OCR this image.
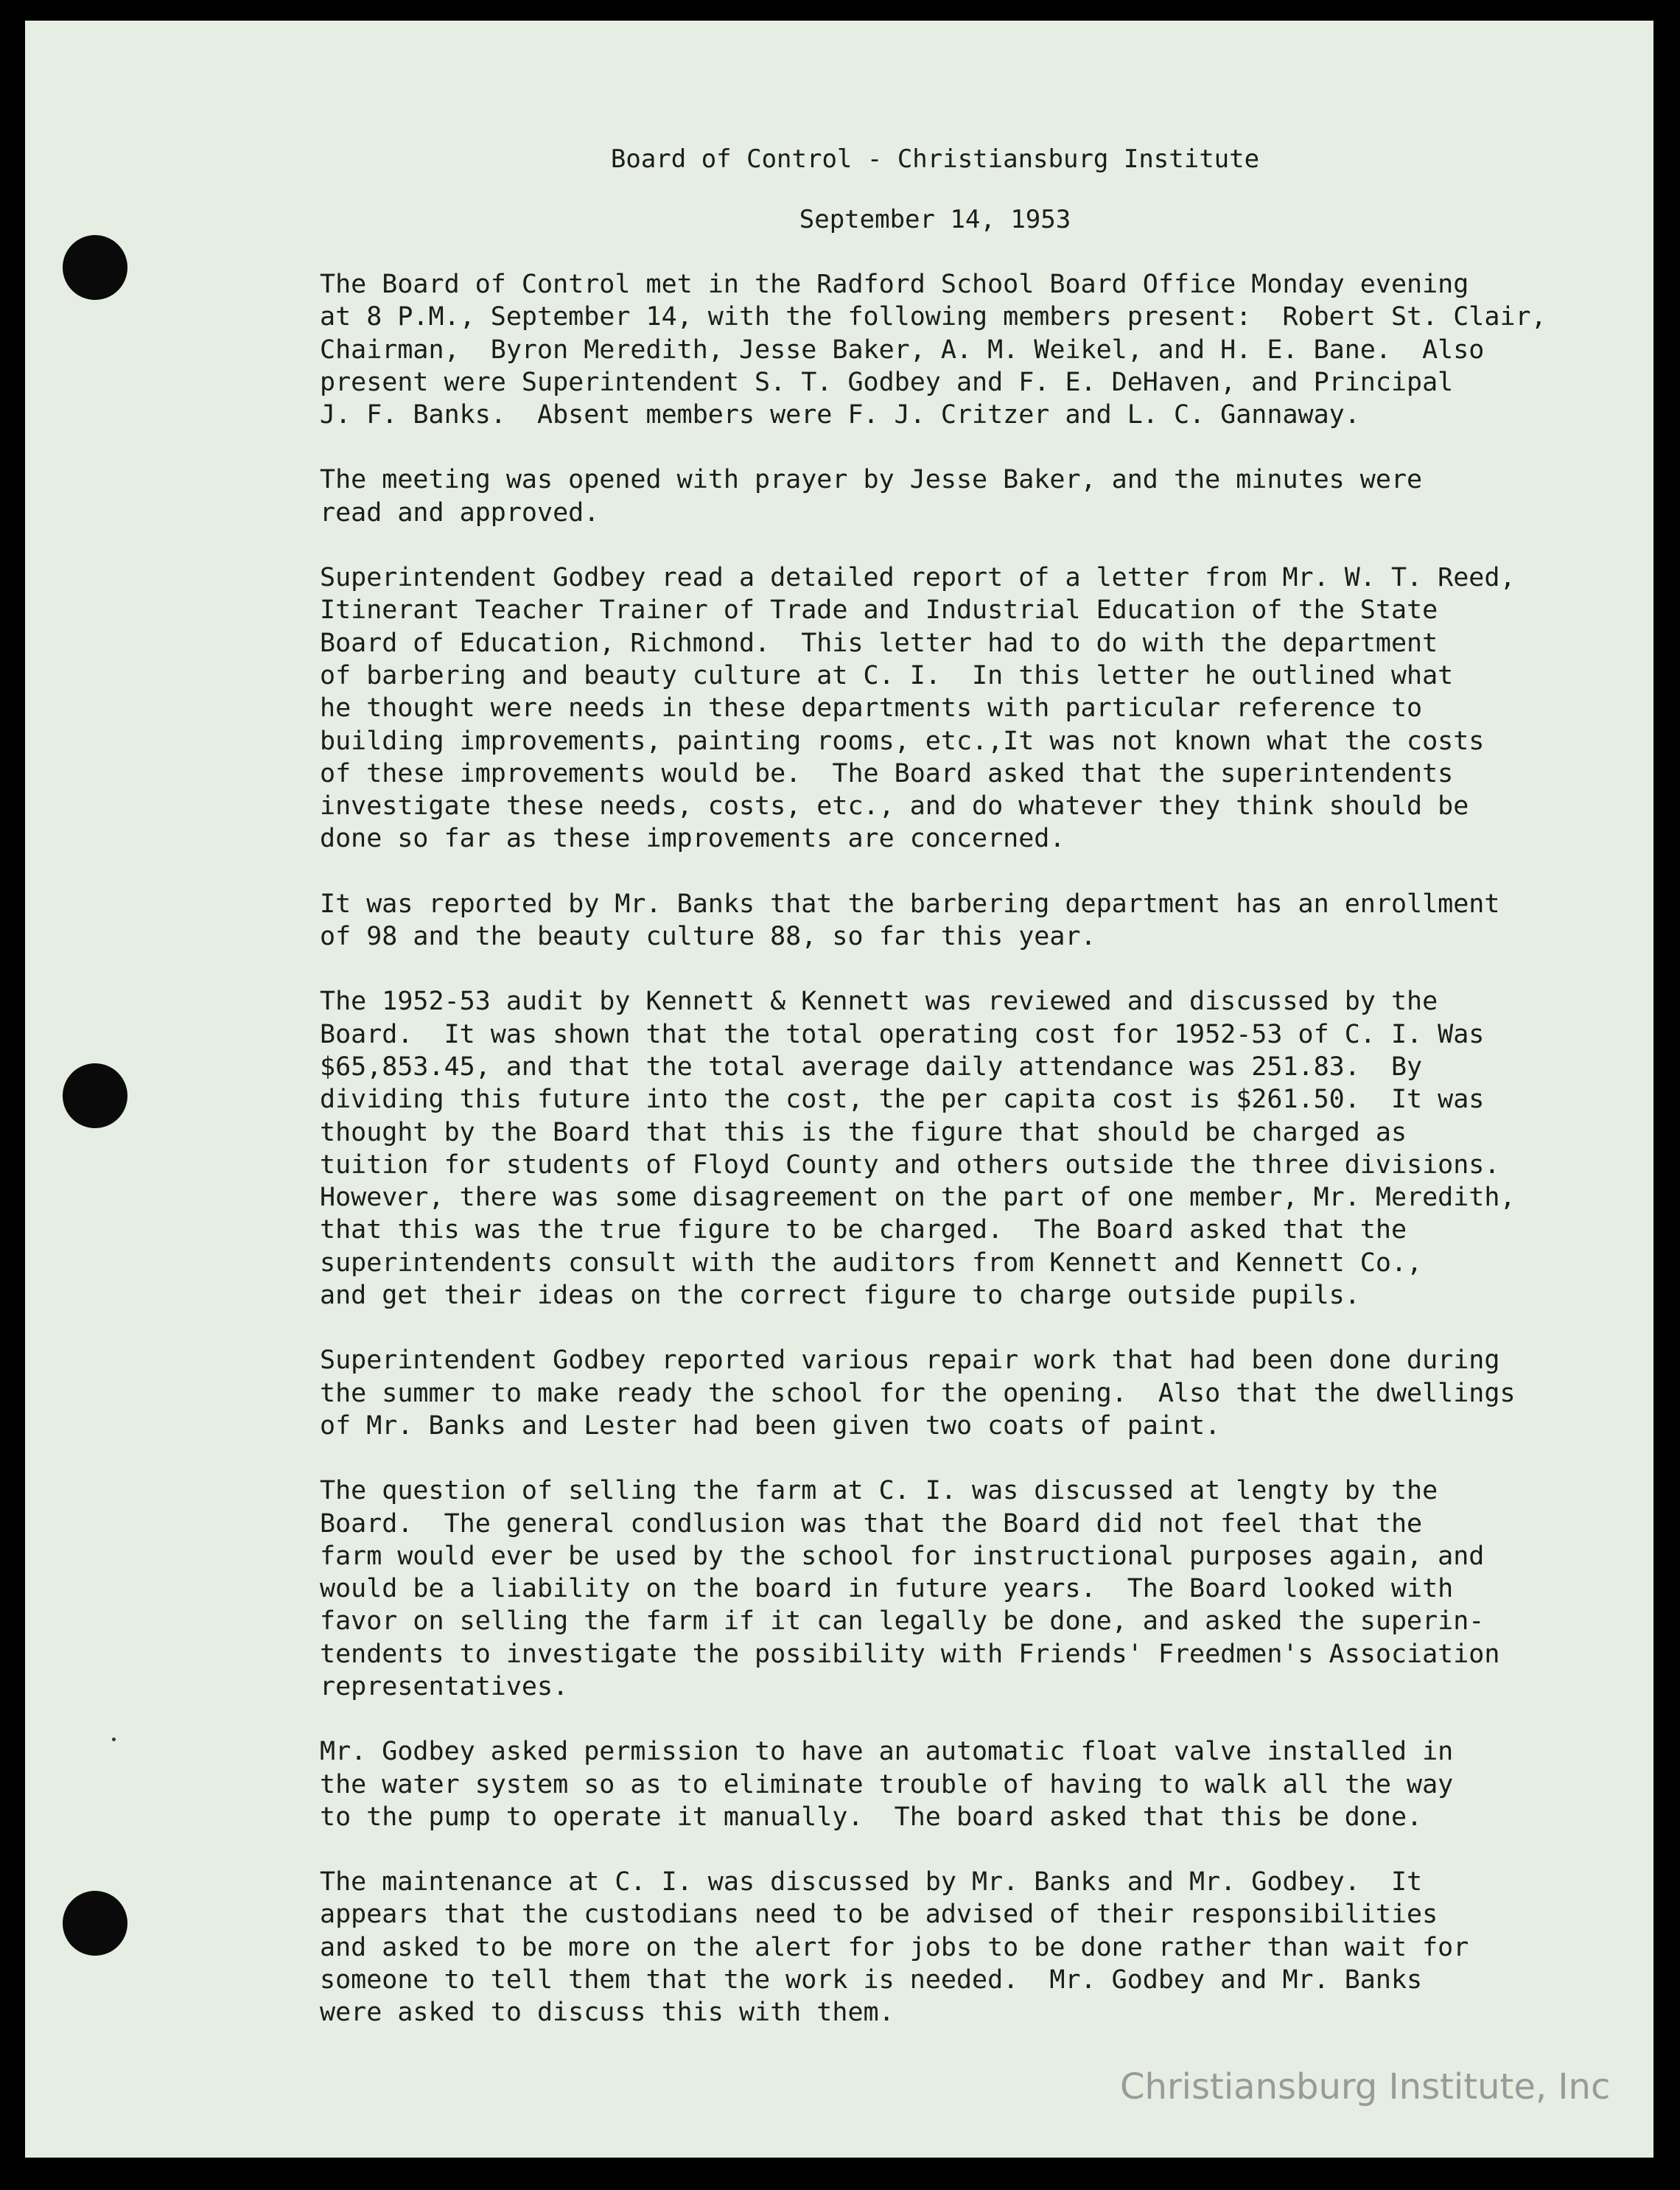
Board of Control - Christiansburg Institute

September 14, 1953

The Board of Control met in the Radford School Board Office Monday evening
at 8 P.M., September 14, with the following members present:  Robert St. Clair,
Chairman,  Byron Meredith, Jesse Baker, A. M. Weikel, and H. E. Bane.  Also
present were Superintendent S. T. Godbey and F. E. DeHaven, and Principal
J. F. Banks.  Absent members were F. J. Critzer and L. C. Gannaway.
The meeting was opened with prayer by Jesse Baker, and the minutes were
read and approved.
Superintendent Godbey read a detailed report of a letter from Mr. W. T. Reed,
Itinerant Teacher Trainer of Trade and Industrial Education of the State
Board of Education, Richmond.  This letter had to do with the department
of barbering and beauty culture at C. I.  In this letter he outlined what
he thought were needs in these departments with particular reference to
building improvements, painting rooms, etc.,It was not known what the costs
of these improvements would be.  The Board asked that the superintendents
investigate these needs, costs, etc., and do whatever they think should be
done so far as these improvements are concerned.
It was reported by Mr. Banks that the barbering department has an enrollment
of 98 and the beauty culture 88, so far this year.
The 1952-53 audit by Kennett & Kennett was reviewed and discussed by the
Board.  It was shown that the total operating cost for 1952-53 of C. I. Was
$65,853.45, and that the total average daily attendance was 251.83.  By
dividing this future into the cost, the per capita cost is $261.50.  It was
thought by the Board that this is the figure that should be charged as
tuition for students of Floyd County and others outside the three divisions.
However, there was some disagreement on the part of one member, Mr. Meredith,
that this was the true figure to be charged.  The Board asked that the
superintendents consult with the auditors from Kennett and Kennett Co.,
and get their ideas on the correct figure to charge outside pupils.
Superintendent Godbey reported various repair work that had been done during
the summer to make ready the school for the opening.  Also that the dwellings
of Mr. Banks and Lester had been given two coats of paint.
The question of selling the farm at C. I. was discussed at lengty by the
Board.  The general condlusion was that the Board did not feel that the
farm would ever be used by the school for instructional purposes again, and
would be a liability on the board in future years.  The Board looked with
favor on selling the farm if it can legally be done, and asked the superin-
tendents to investigate the possibility with Friends' Freedmen's Association
representatives.
Mr. Godbey asked permission to have an automatic float valve installed in
the water system so as to eliminate trouble of having to walk all the way
to the pump to operate it manually.  The board asked that this be done.
The maintenance at C. I. was discussed by Mr. Banks and Mr. Godbey.  It
appears that the custodians need to be advised of their responsibilities
and asked to be more on the alert for jobs to be done rather than wait for
someone to tell them that the work is needed.  Mr. Godbey and Mr. Banks
were asked to discuss this with them.
Christiansburg Institute, Inc
